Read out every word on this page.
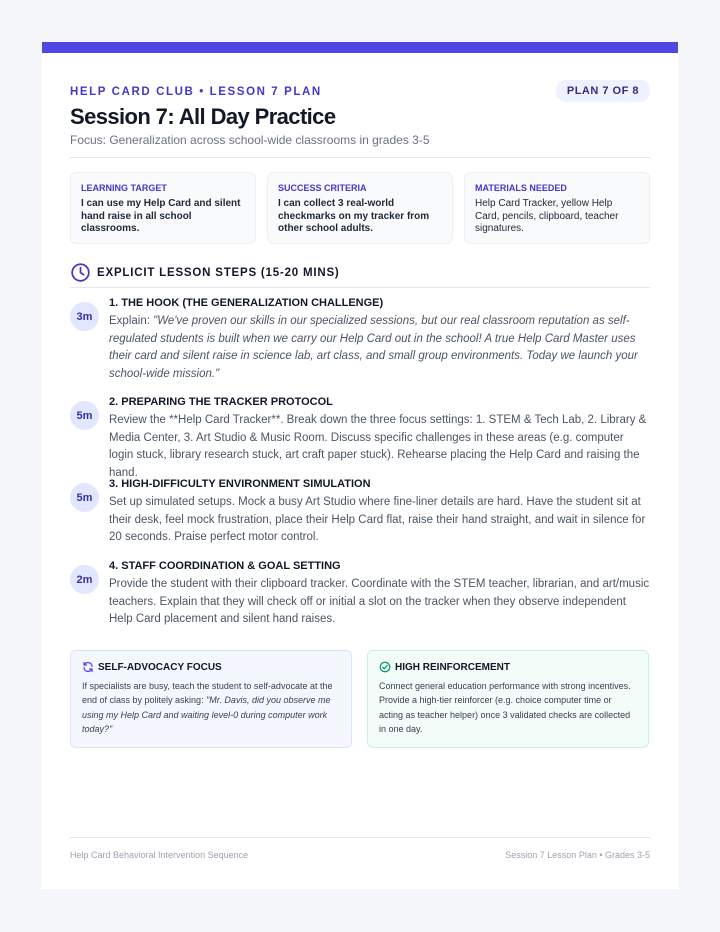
HELP CARD CLUB • LESSON 7 PLAN	PLAN 7 OF 8
Session 7: All Day Practice
Focus: Generalization across school-wide classrooms in grades 3-5
LEARNING TARGET
I can use my Help Card and silent hand raise in all school classrooms.
SUCCESS CRITERIA
I can collect 3 real-world checkmarks on my tracker from other school adults.
MATERIALS NEEDED
Help Card Tracker, yellow Help Card, pencils, clipboard, teacher signatures.
EXPLICIT LESSON STEPS (15-20 MINS)
3m
1. THE HOOK (THE GENERALIZATION CHALLENGE)
Explain: "We've proven our skills in our specialized sessions, but our real classroom reputation as self-regulated students is built when we carry our Help Card out in the school! A true Help Card Master uses their card and silent raise in science lab, art class, and small group environments. Today we launch your school-wide mission."
5m
2. PREPARING THE TRACKER PROTOCOL
Review the **Help Card Tracker**. Break down the three focus settings: 1. STEM & Tech Lab, 2. Library & Media Center, 3. Art Studio & Music Room. Discuss specific challenges in these areas (e.g. computer login stuck, library research stuck, art craft paper stuck). Rehearse placing the Help Card and raising the hand.
5m
3. HIGH-DIFFICULTY ENVIRONMENT SIMULATION
Set up simulated setups. Mock a busy Art Studio where fine-liner details are hard. Have the student sit at their desk, feel mock frustration, place their Help Card flat, raise their hand straight, and wait in silence for 20 seconds. Praise perfect motor control.
2m
4. STAFF COORDINATION & GOAL SETTING
Provide the student with their clipboard tracker. Coordinate with the STEM teacher, librarian, and art/music teachers. Explain that they will check off or initial a slot on the tracker when they observe independent Help Card placement and silent hand raises.
SELF-ADVOCACY FOCUS
If specialists are busy, teach the student to self-advocate at the end of class by politely asking: "Mr. Davis, did you observe me using my Help Card and waiting level-0 during computer work today?"
HIGH REINFORCEMENT
Connect general education performance with strong incentives. Provide a high-tier reinforcer (e.g. choice computer time or acting as teacher helper) once 3 validated checks are collected in one day.
Help Card Behavioral Intervention Sequence	Session 7 Lesson Plan • Grades 3-5
